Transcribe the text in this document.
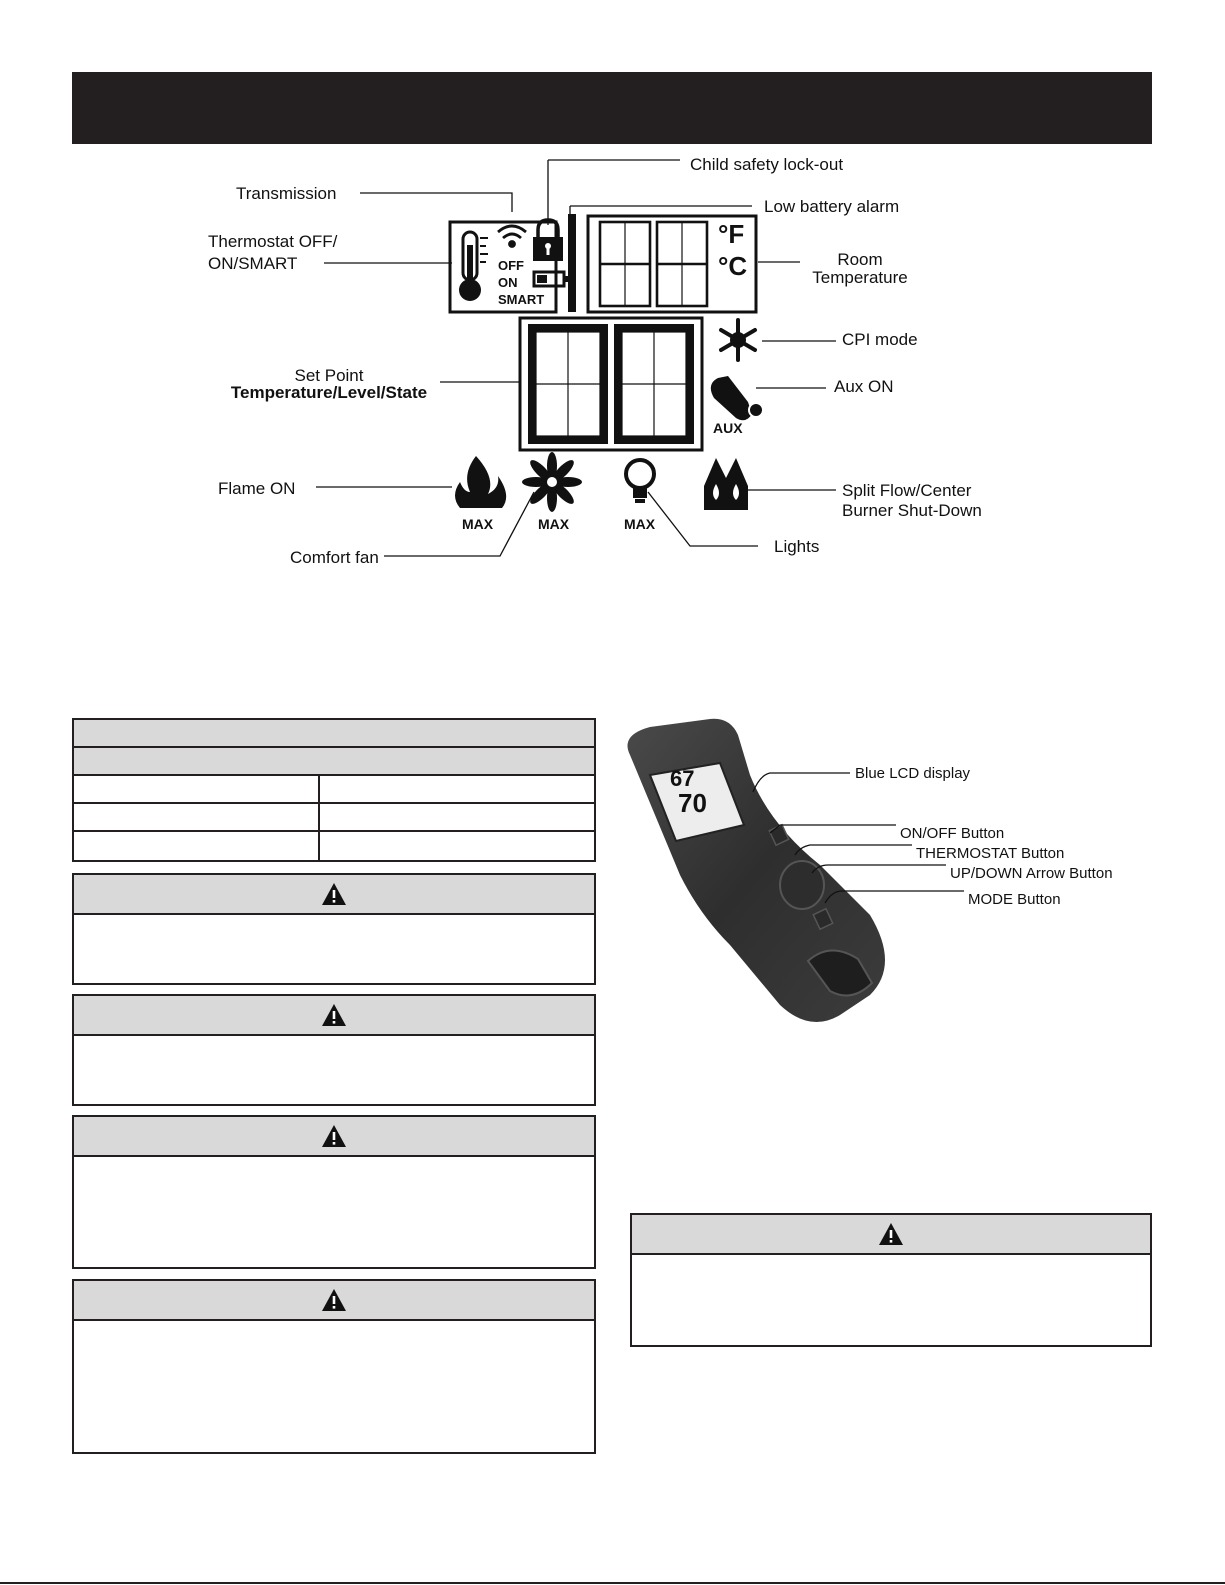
OFF
ON
SMART
°F
°C
AUX
MAX	MAX	MAX
Transmission
Thermostat OFF/
ON/SMART
Child safety lock-out
Low battery alarm
Room
Temperature
CPI mode
Aux ON
Set Point
Temperature/Level/State
Flame ON	Split Flow/Center
Burner Shut-Down
Comfort fan
Lights
67
70
Blue LCD display
ON/OFF Button
THERMOSTAT Button
UP/DOWN Arrow Button
MODE Button
